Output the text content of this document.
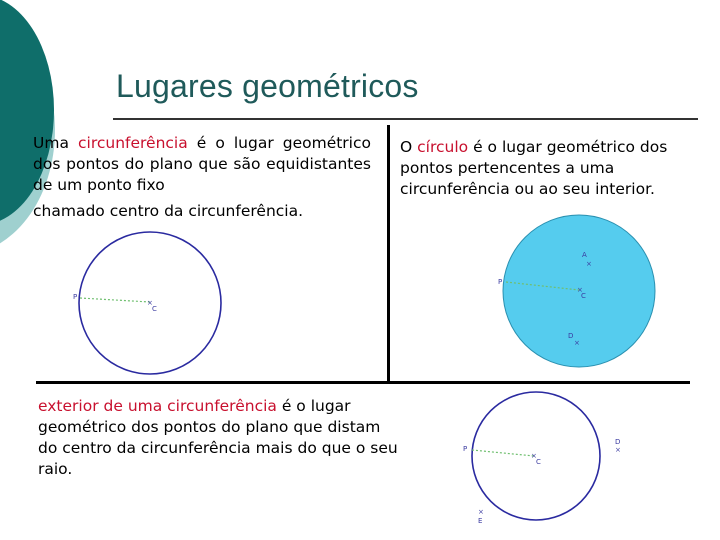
Lugares geométricos
Uma circunferência é o lugar geométrico dos pontos do plano que são equidistantes de um ponto fixo
chamado centro da circunferência.
O círculo é o lugar geométrico dos pontos pertencentes a uma circunferência ou ao seu interior.
P
×
C
P
×
C
A
×
D
×
exterior de uma circunferência é o lugar geométrico dos pontos do plano que distam do centro da circunferência mais do que o seu raio.
P
×
C
D
×
×
E
